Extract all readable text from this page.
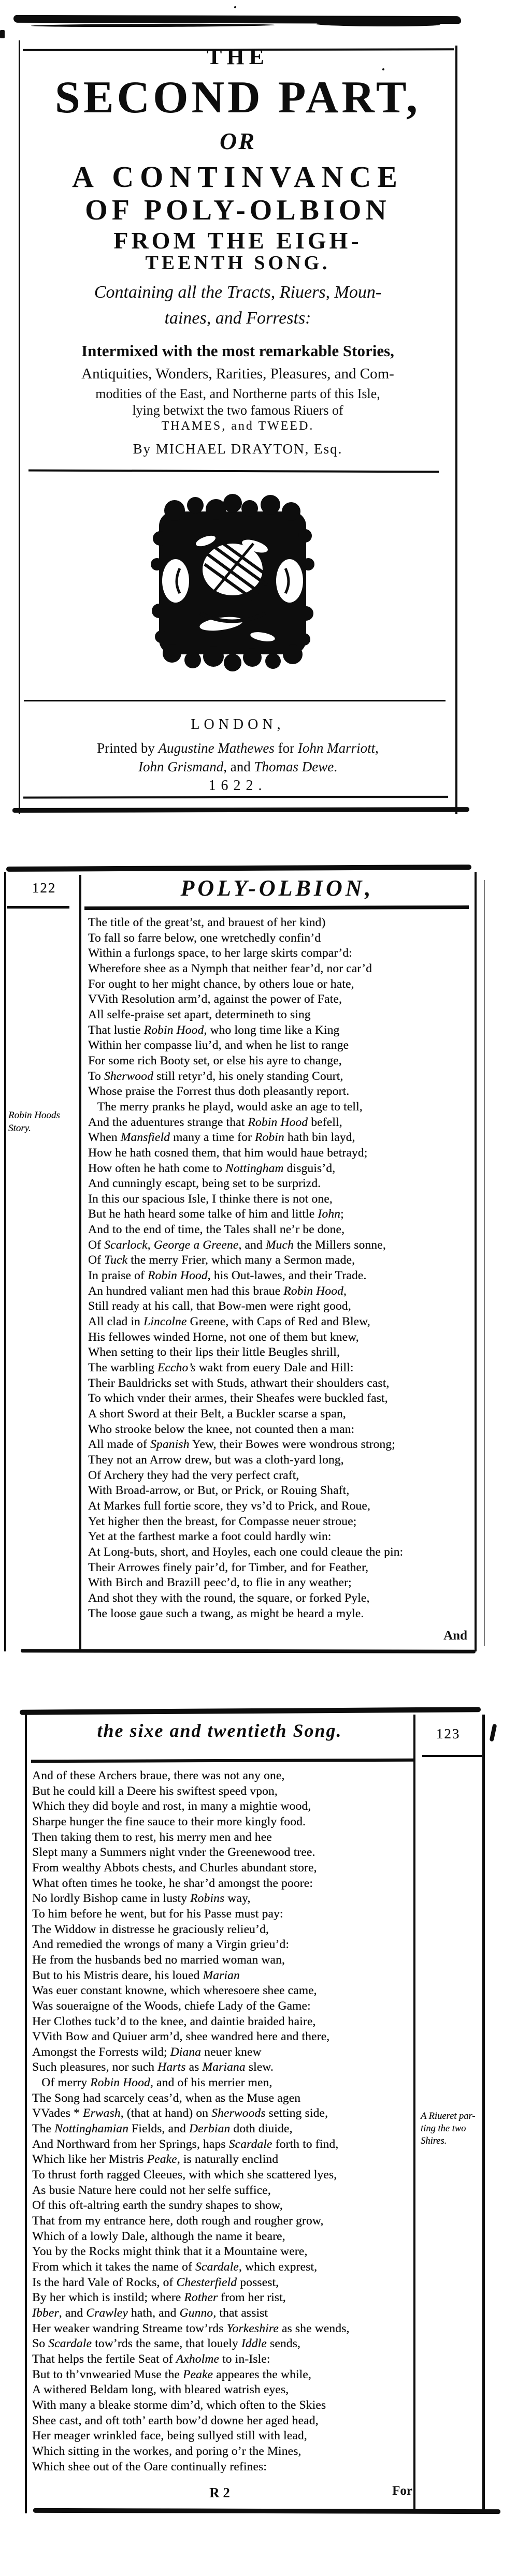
THE
SECOND PART,
OR
A CONTINVANCE
OF POLY-OLBION
FROM THE EIGH-
TEENTH SONG.
Containing all the Tracts, Riuers, Moun-
taines, and Forrests:
Intermixed with the most remarkable Stories,
Antiquities, Wonders, Rarities, Pleasures, and Com-
modities of the East, and Northerne parts of this Isle,
lying betwixt the two famous Riuers of
THAMES, and TWEED.
By MICHAEL DRAYTON, Esq.
LONDON,
Printed by Augustine Mathewes for Iohn Marriott,
Iohn Grismand, and Thomas Dewe.
1622.
122	POLY-OLBION,
The title of the great’st, and brauest of her kind)
To fall so farre below, one wretchedly confin’d
Within a furlongs space, to her large skirts compar’d:
Wherefore shee as a Nymph that neither fear’d, nor car’d
For ought to her might chance, by others loue or hate,
VVith Resolution arm’d, against the power of Fate,
All selfe-praise set apart, determineth to sing
That lustie Robin Hood, who long time like a King
Within her compasse liu’d, and when he list to range
For some rich Booty set, or else his ayre to change,
To Sherwood still retyr’d, his onely standing Court,
Whose praise the Forrest thus doth pleasantly report.
The merry pranks he playd, would aske an age to tell,
And the aduentures strange that Robin Hood befell,
When Mansfield many a time for Robin hath bin layd,
How he hath cosned them, that him would haue betrayd;
How often he hath come to Nottingham disguis’d,
And cunningly escapt, being set to be surprizd.
In this our spacious Isle, I thinke there is not one,
But he hath heard some talke of him and little Iohn;
And to the end of time, the Tales shall ne’r be done,
Of Scarlock, George a Greene, and Much the Millers sonne,
Of Tuck the merry Frier, which many a Sermon made,
In praise of Robin Hood, his Out-lawes, and their Trade.
An hundred valiant men had this braue Robin Hood,
Still ready at his call, that Bow-men were right good,
All clad in Lincolne Greene, with Caps of Red and Blew,
His fellowes winded Horne, not one of them but knew,
When setting to their lips their little Beugles shrill,
The warbling Eccho’s wakt from euery Dale and Hill:
Their Bauldricks set with Studs, athwart their shoulders cast,
To which vnder their armes, their Sheafes were buckled fast,
A short Sword at their Belt, a Buckler scarse a span,
Who strooke below the knee, not counted then a man:
All made of Spanish Yew, their Bowes were wondrous strong;
They not an Arrow drew, but was a cloth-yard long,
Of Archery they had the very perfect craft,
With Broad-arrow, or But, or Prick, or Rouing Shaft,
At Markes full fortie score, they vs’d to Prick, and Roue,
Yet higher then the breast, for Compasse neuer stroue;
Yet at the farthest marke a foot could hardly win:
At Long-buts, short, and Hoyles, each one could cleaue the pin:
Their Arrowes finely pair’d, for Timber, and for Feather,
With Birch and Brazill peec’d, to flie in any weather;
And shot they with the round, the square, or forked Pyle,
The loose gaue such a twang, as might be heard a myle.
Robin Hoods
Story.
And
the sixe and twentieth Song.	123
And of these Archers braue, there was not any one,
But he could kill a Deere his swiftest speed vpon,
Which they did boyle and rost, in many a mightie wood,
Sharpe hunger the fine sauce to their more kingly food.
Then taking them to rest, his merry men and hee
Slept many a Summers night vnder the Greenewood tree.
From wealthy Abbots chests, and Churles abundant store,
What often times he tooke, he shar’d amongst the poore:
No lordly Bishop came in lusty Robins way,
To him before he went, but for his Passe must pay:
The Widdow in distresse he graciously relieu’d,
And remedied the wrongs of many a Virgin grieu’d:
He from the husbands bed no married woman wan,
But to his Mistris deare, his loued Marian
Was euer constant knowne, which wheresoere shee came,
Was soueraigne of the Woods, chiefe Lady of the Game:
Her Clothes tuck’d to the knee, and daintie braided haire,
VVith Bow and Quiuer arm’d, shee wandred here and there,
Amongst the Forrests wild; Diana neuer knew
Such pleasures, nor such Harts as Mariana slew.
Of merry Robin Hood, and of his merrier men,
The Song had scarcely ceas’d, when as the Muse agen
VVades * Erwash, (that at hand) on Sherwoods setting side,
The Nottinghamian Fields, and Derbian doth diuide,
And Northward from her Springs, haps Scardale forth to find,
Which like her Mistris Peake, is naturally enclind
To thrust forth ragged Cleeues, with which she scattered lyes,
As busie Nature here could not her selfe suffice,
Of this oft-altring earth the sundry shapes to show,
That from my entrance here, doth rough and rougher grow,
Which of a lowly Dale, although the name it beare,
You by the Rocks might think that it a Mountaine were,
From which it takes the name of Scardale, which exprest,
Is the hard Vale of Rocks, of Chesterfield possest,
By her which is instild; where Rother from her rist,
Ibber, and Crawley hath, and Gunno, that assist
Her weaker wandring Streame tow’rds Yorkeshire as she wends,
So Scardale tow’rds the same, that louely Iddle sends,
That helps the fertile Seat of Axholme to in-Isle:
But to th’vnwearied Muse the Peake appeares the while,
A withered Beldam long, with bleared watrish eyes,
With many a bleake storme dim’d, which often to the Skies
Shee cast, and oft toth’ earth bow’d downe her aged head,
Her meager wrinkled face, being sullyed still with lead,
Which sitting in the workes, and poring o’r the Mines,
Which shee out of the Oare continually refines:
A Riueret par-
ting the two
Shires.
R 2	For
